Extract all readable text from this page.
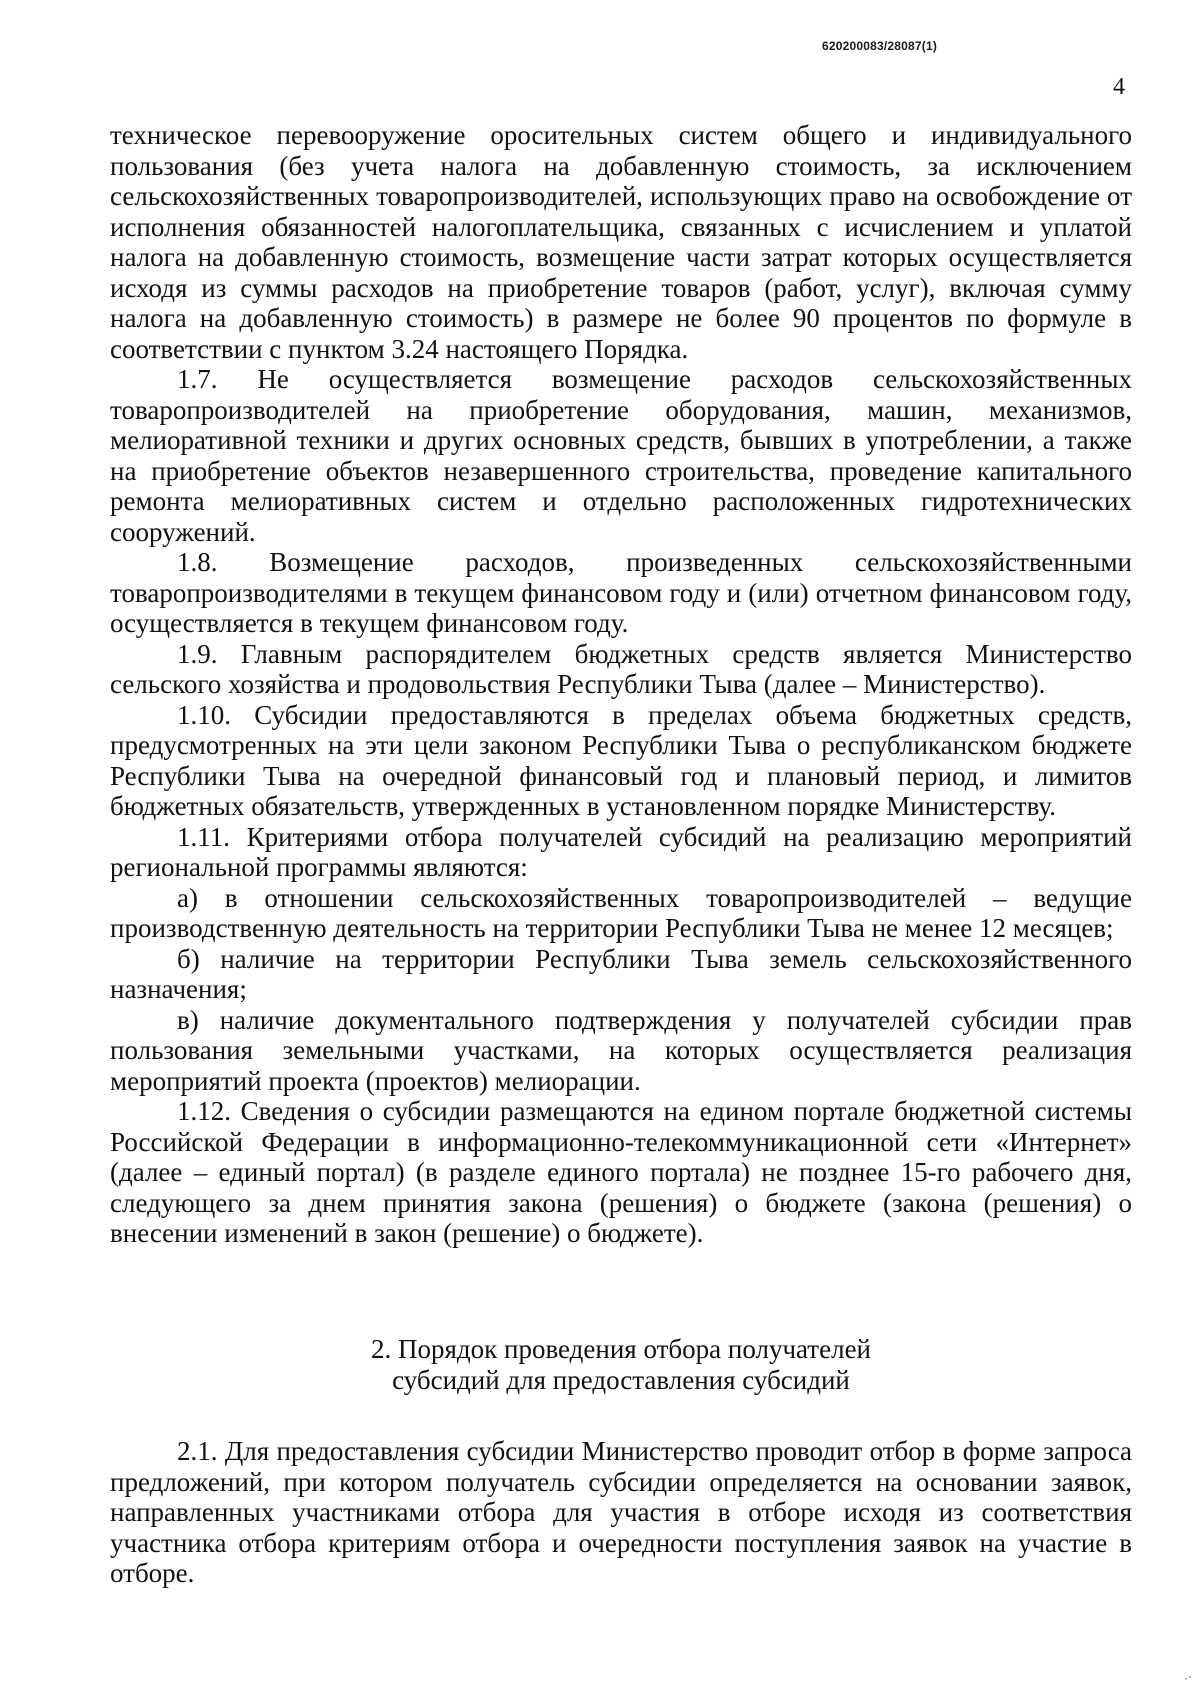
620200083/28087(1)
4

техническое перевооружение оросительных систем общего и индивидуального пользования (без учета налога на добавленную стоимость, за исключением сельскохозяйственных товаропроизводителей, использующих право на освобождение от исполнения обязанностей налогоплательщика, связанных с исчислением и уплатой налога на добавленную стоимость, возмещение части затрат которых осуществляется исходя из суммы расходов на приобретение товаров (работ, услуг), включая сумму налога на добавленную стоимость) в размере не более 90 процентов по формуле в соответствии с пунктом 3.24 настоящего Порядка.

1.7. Не осуществляется возмещение расходов сельскохозяйственных товаропроизводителей на приобретение оборудования, машин, механизмов, мелиоративной техники и других основных средств, бывших в употреблении, а также на приобретение объектов незавершенного строительства, проведение капитального ремонта мелиоративных систем и отдельно расположенных гидротехнических сооружений.

1.8. Возмещение расходов, произведенных сельскохозяйственными товаропроизводителями в текущем финансовом году и (или) отчетном финансовом году, осуществляется в текущем финансовом году.

1.9. Главным распорядителем бюджетных средств является Министерство сельского хозяйства и продовольствия Республики Тыва (далее – Министерство).

1.10. Субсидии предоставляются в пределах объема бюджетных средств, предусмотренных на эти цели законом Республики Тыва о республиканском бюджете Республики Тыва на очередной финансовый год и плановый период, и лимитов бюджетных обязательств, утвержденных в установленном порядке Министерству.

1.11. Критериями отбора получателей субсидий на реализацию мероприятий региональной программы являются:

а) в отношении сельскохозяйственных товаропроизводителей – ведущие производственную деятельность на территории Республики Тыва не менее 12 месяцев;

б) наличие на территории Республики Тыва земель сельскохозяйственного назначения;

в) наличие документального подтверждения у получателей субсидии прав пользования земельными участками, на которых осуществляется реализация мероприятий проекта (проектов) мелиорации.

1.12. Сведения о субсидии размещаются на едином портале бюджетной системы Российской Федерации в информационно-телекоммуникационной сети «Интернет» (далее – единый портал) (в разделе единого портала) не позднее 15-го рабочего дня, следующего за днем принятия закона (решения) о бюджете (закона (решения) о внесении изменений в закон (решение) о бюджете).

2. Порядок проведения отбора получателей
субсидий для предоставления субсидий

2.1. Для предоставления субсидии Министерство проводит отбор в форме запроса предложений, при котором получатель субсидии определяется на основании заявок, направленных участниками отбора для участия в отборе исходя из соответствия участника отбора критериям отбора и очередности поступления заявок на участие в отборе.

⋅‘
